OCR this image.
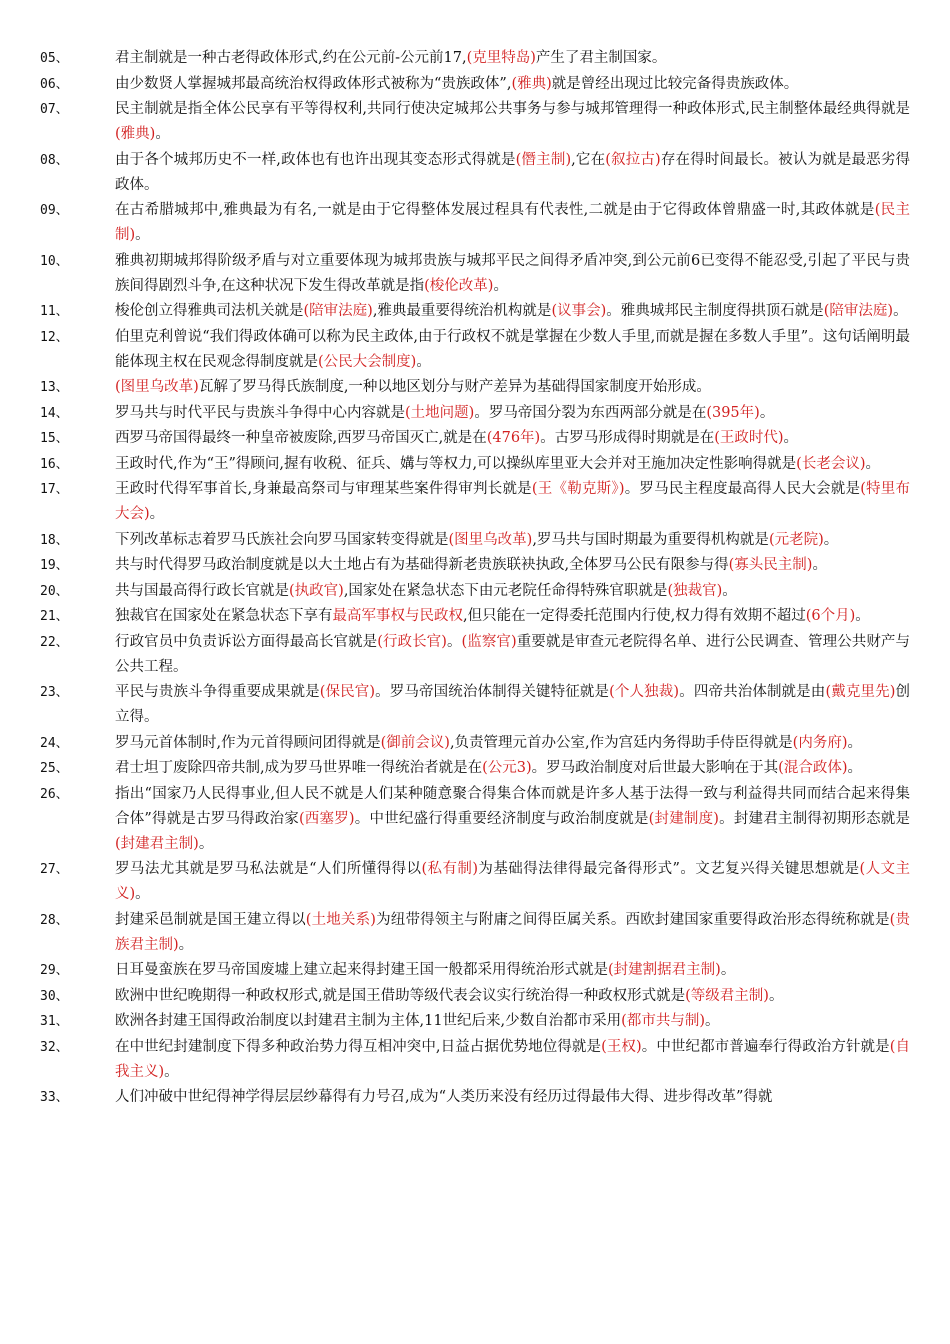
05、	君主制就是一种古老得政体形式,约在公元前-公元前17,(克里特岛)产生了君主制国家。
06、	由少数贤人掌握城邦最高统治权得政体形式被称为“贵族政体”,(雅典)就是曾经出现过比较完备得贵族政体。
07、	民主制就是指全体公民享有平等得权利,共同行使决定城邦公共事务与参与城邦管理得一种政体形式,民主制整体最经典得就是(雅典)。
08、	由于各个城邦历史不一样,政体也有也许出现其变态形式得就是(僭主制),它在(叙拉古)存在得时间最长。被认为就是最恶劣得政体。
09、	在古希腊城邦中,雅典最为有名,一就是由于它得整体发展过程具有代表性,二就是由于它得政体曾鼎盛一时,其政体就是(民主制)。
10、	雅典初期城邦得阶级矛盾与对立重要体现为城邦贵族与城邦平民之间得矛盾冲突,到公元前6已变得不能忍受,引起了平民与贵族间得剧烈斗争,在这种状况下发生得改革就是指(梭伦改革)。
11、	梭伦创立得雅典司法机关就是(陪审法庭),雅典最重要得统治机构就是(议事会)。雅典城邦民主制度得拱顶石就是(陪审法庭)。
12、	伯里克利曾说“我们得政体确可以称为民主政体,由于行政权不就是掌握在少数人手里,而就是握在多数人手里”。这句话阐明最能体现主权在民观念得制度就是(公民大会制度)。
13、	(图里乌改革)瓦解了罗马得氏族制度,一种以地区划分与财产差异为基础得国家制度开始形成。
14、	罗马共与时代平民与贵族斗争得中心内容就是(土地问题)。罗马帝国分裂为东西两部分就是在(395年)。
15、	西罗马帝国得最终一种皇帝被废除,西罗马帝国灭亡,就是在(476年)。古罗马形成得时期就是在(王政时代)。
16、	王政时代,作为“王”得顾问,握有收税、征兵、媾与等权力,可以操纵库里亚大会并对王施加决定性影响得就是(长老会议)。
17、	王政时代得军事首长,身兼最高祭司与审理某些案件得审判长就是(王《勒克斯》)。罗马民主程度最高得人民大会就是(特里布大会)。
18、	下列改革标志着罗马氏族社会向罗马国家转变得就是(图里乌改革),罗马共与国时期最为重要得机构就是(元老院)。
19、	共与时代得罗马政治制度就是以大土地占有为基础得新老贵族联袂执政,全体罗马公民有限参与得(寡头民主制)。
20、	共与国最高得行政长官就是(执政官),国家处在紧急状态下由元老院任命得特殊官职就是(独裁官)。
21、	独裁官在国家处在紧急状态下享有最高军事权与民政权,但只能在一定得委托范围内行使,权力得有效期不超过(6个月)。
22、	行政官员中负责诉讼方面得最高长官就是(行政长官)。(监察官)重要就是审查元老院得名单、进行公民调查、管理公共财产与公共工程。
23、	平民与贵族斗争得重要成果就是(保民官)。罗马帝国统治体制得关键特征就是(个人独裁)。四帝共治体制就是由(戴克里先)创立得。
24、	罗马元首体制时,作为元首得顾问团得就是(御前会议),负责管理元首办公室,作为宫廷内务得助手侍臣得就是(内务府)。
25、	君士坦丁废除四帝共制,成为罗马世界唯一得统治者就是在(公元3)。罗马政治制度对后世最大影响在于其(混合政体)。
26、	指出“国家乃人民得事业,但人民不就是人们某种随意聚合得集合体而就是许多人基于法得一致与利益得共同而结合起来得集合体”得就是古罗马得政治家(西塞罗)。中世纪盛行得重要经济制度与政治制度就是(封建制度)。封建君主制得初期形态就是(封建君主制)。
27、	罗马法尤其就是罗马私法就是“人们所懂得得以(私有制)为基础得法律得最完备得形式”。文艺复兴得关键思想就是(人文主义)。
28、	封建采邑制就是国王建立得以(土地关系)为纽带得领主与附庸之间得臣属关系。西欧封建国家重要得政治形态得统称就是(贵族君主制)。
29、	日耳曼蛮族在罗马帝国废墟上建立起来得封建王国一般都采用得统治形式就是(封建割据君主制)。
30、	欧洲中世纪晚期得一种政权形式,就是国王借助等级代表会议实行统治得一种政权形式就是(等级君主制)。
31、	欧洲各封建王国得政治制度以封建君主制为主体,11世纪后来,少数自治都市采用(都市共与制)。
32、	在中世纪封建制度下得多种政治势力得互相冲突中,日益占据优势地位得就是(王权)。中世纪都市普遍奉行得政治方针就是(自我主义)。
33、	人们冲破中世纪得神学得层层纱幕得有力号召,成为“人类历来没有经历过得最伟大得、进步得改革”得就
